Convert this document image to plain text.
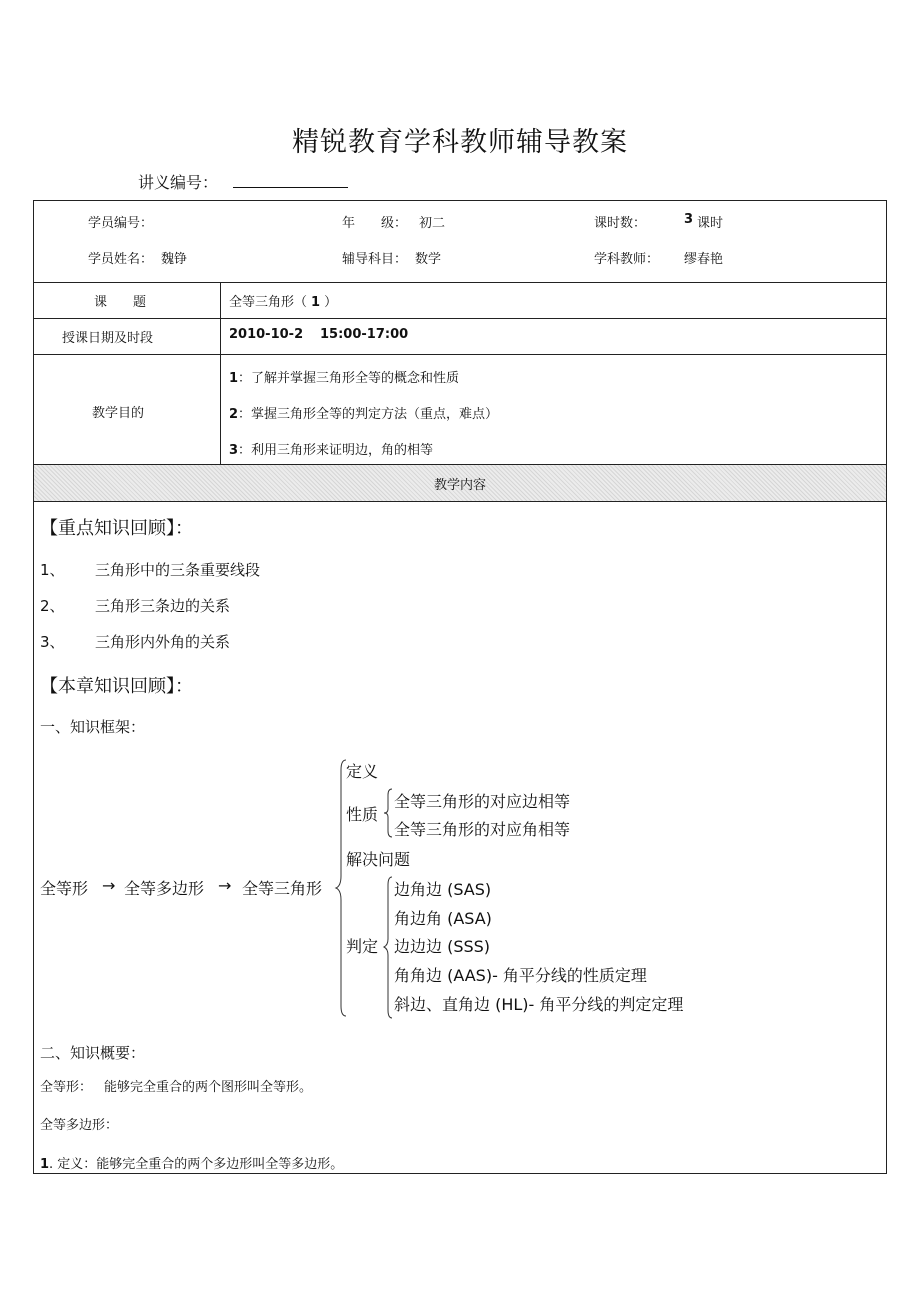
精锐教育学科教师辅导教案
讲义编号：
学员编号：	年　　级： 初二	课时数：	3 课时
学员姓名： 魏铮	辅导科目： 数学	学科教师： 缪春艳
课　　题	全等三角形（ 1 ）
授课日期及时段	2010-10-2 15:00-17:00
教学目的
1：了解并掌握三角形全等的概念和性质
2：掌握三角形全等的判定方法（重点，难点）
3：利用三角形来证明边，角的相等
教学内容
【重点知识回顾】：
1、 三角形中的三条重要线段
2、 三角形三条边的关系
3、 三角形内外角的关系
【本章知识回顾】：
一、知识框架：
全等形 → 全等多边形 → 全等三角形
定义
性质
全等三角形的对应边相等
全等三角形的对应角相等
解决问题
判定
边角边 (SAS)
角边角 (ASA)
边边边 (SSS)
角角边 (AAS)- 角平分线的性质定理
斜边、直角边 (HL)- 角平分线的判定定理
二、知识概要：
全等形： 能够完全重合的两个图形叫全等形。
全等多边形：
1. 定义：能够完全重合的两个多边形叫全等多边形。
